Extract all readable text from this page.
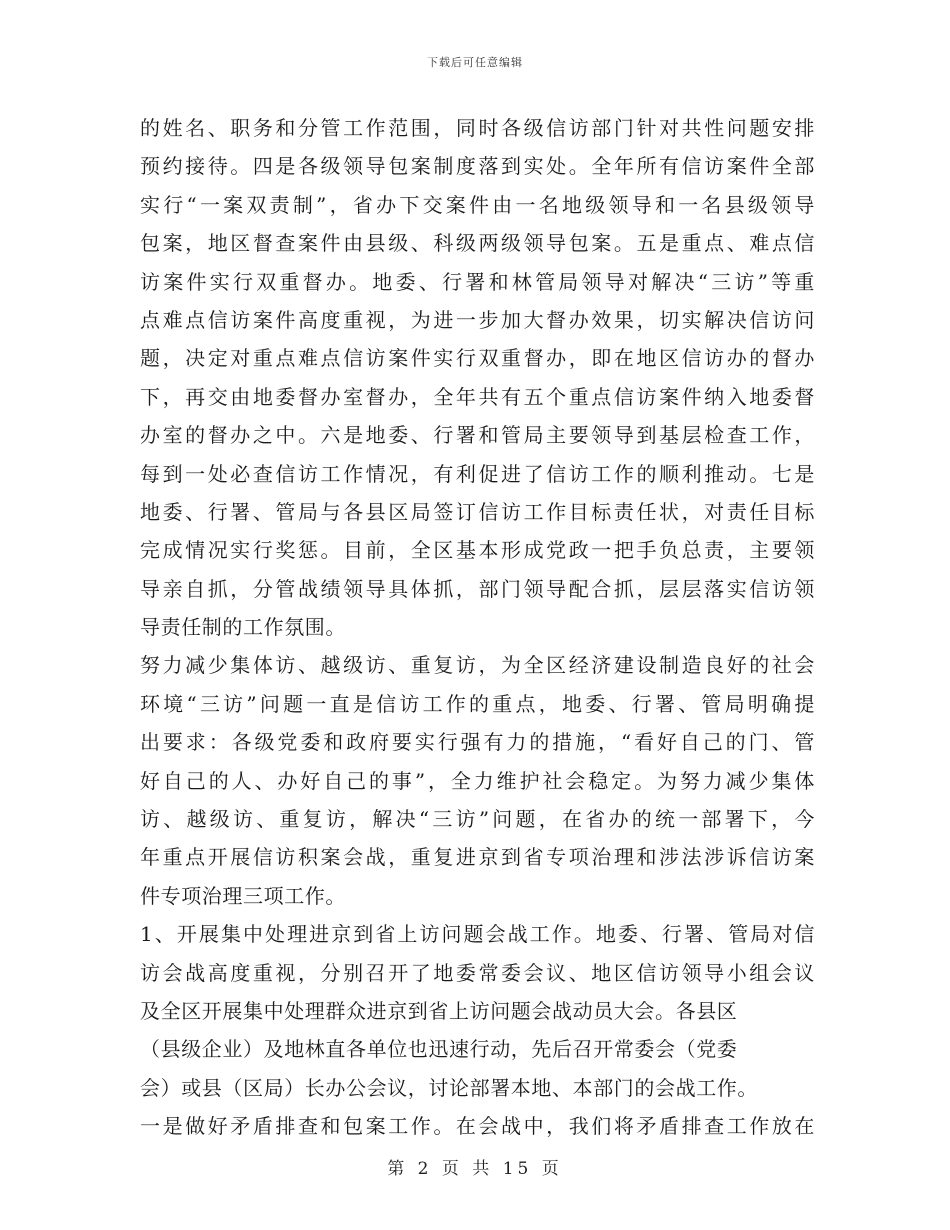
下载后可任意编辑
的姓名、职务和分管工作范围，同时各级信访部门针对共性问题安排
预约接待。四是各级领导包案制度落到实处。全年所有信访案件全部
实行“一案双责制”，省办下交案件由一名地级领导和一名县级领导
包案，地区督查案件由县级、科级两级领导包案。五是重点、难点信
访案件实行双重督办。地委、行署和林管局领导对解决“三访”等重
点难点信访案件高度重视，为进一步加大督办效果，切实解决信访问
题，决定对重点难点信访案件实行双重督办，即在地区信访办的督办
下，再交由地委督办室督办，全年共有五个重点信访案件纳入地委督
办室的督办之中。六是地委、行署和管局主要领导到基层检查工作，
每到一处必查信访工作情况，有利促进了信访工作的顺利推动。七是
地委、行署、管局与各县区局签订信访工作目标责任状，对责任目标
完成情况实行奖惩。目前，全区基本形成党政一把手负总责，主要领
导亲自抓，分管战绩领导具体抓，部门领导配合抓，层层落实信访领
导责任制的工作氛围。
努力减少集体访、越级访、重复访，为全区经济建设制造良好的社会
环境“三访”问题一直是信访工作的重点，地委、行署、管局明确提
出要求：各级党委和政府要实行强有力的措施，“看好自己的门、管
好自己的人、办好自己的事”，全力维护社会稳定。为努力减少集体
访、越级访、重复访，解决“三访”问题，在省办的统一部署下，今
年重点开展信访积案会战，重复进京到省专项治理和涉法涉诉信访案
件专项治理三项工作。
1、开展集中处理进京到省上访问题会战工作。地委、行署、管局对信
访会战高度重视，分别召开了地委常委会议、地区信访领导小组会议
及全区开展集中处理群众进京到省上访问题会战动员大会。各县区
（县级企业）及地林直各单位也迅速行动，先后召开常委会（党委
会）或县（区局）长办公会议，讨论部署本地、本部门的会战工作。
一是做好矛盾排查和包案工作。在会战中，我们将矛盾排查工作放在
第 2 页 共 15 页
